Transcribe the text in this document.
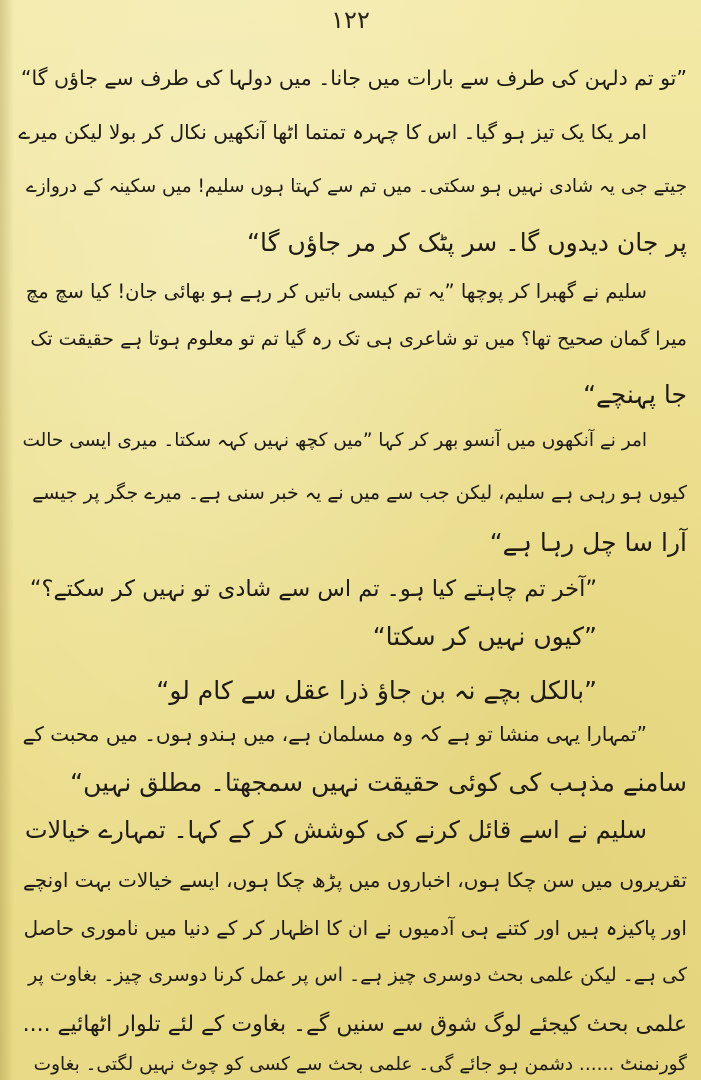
۱۲۲
”تو تم دلہن کی طرف سے بارات میں جانا۔ میں دولہا کی طرف سے جاؤں گا“
امر یکا یک تیز ہو گیا۔ اس کا چہرہ تمتما اٹھا آنکھیں نکال کر بولا لیکن میرے
جیتے جی یہ شادی نہیں ہو سکتی۔ میں تم سے کہتا ہوں سلیم! میں سکینہ کے دروازے
پر جان دیدوں گا۔ سر پٹک کر مر جاؤں گا“
سلیم نے گھبرا کر پوچھا ”یہ تم کیسی باتیں کر رہے ہو بھائی جان! کیا سچ مچ
میرا گمان صحیح تھا؟ میں تو شاعری ہی تک رہ گیا تم تو معلوم ہوتا ہے حقیقت تک
جا پہنچے“
امر نے آنکھوں میں آنسو بھر کر کہا ”میں کچھ نہیں کہہ سکتا۔ میری ایسی حالت
کیوں ہو رہی ہے سلیم، لیکن جب سے میں نے یہ خبر سنی ہے۔ میرے جگر پر جیسے
آرا سا چل رہا ہے“
”آخر تم چاہتے کیا ہو۔ تم اس سے شادی تو نہیں کر سکتے؟“
”کیوں نہیں کر سکتا“
”بالکل بچے نہ بن جاؤ ذرا عقل سے کام لو“
”تمہارا یہی منشا تو ہے کہ وہ مسلمان ہے، میں ہندو ہوں۔ میں محبت کے
سامنے مذہب کی کوئی حقیقت نہیں سمجھتا۔ مطلق نہیں“
سلیم نے اسے قائل کرنے کی کوشش کر کے کہا۔ تمہارے خیالات
تقریروں میں سن چکا ہوں، اخباروں میں پڑھ چکا ہوں، ایسے خیالات بہت اونچے
اور پاکیزہ ہیں اور کتنے ہی آدمیوں نے ان کا اظہار کر کے دنیا میں ناموری حاصل
کی ہے۔ لیکن علمی بحث دوسری چیز ہے۔ اس پر عمل کرنا دوسری چیز۔ بغاوت پر
علمی بحث کیجئے لوگ شوق سے سنیں گے۔ بغاوت کے لئے تلوار اٹھائیے ....
گورنمنٹ ...... دشمن ہو جائے گی۔ علمی بحث سے کسی کو چوٹ نہیں لگتی۔ بغاوت
